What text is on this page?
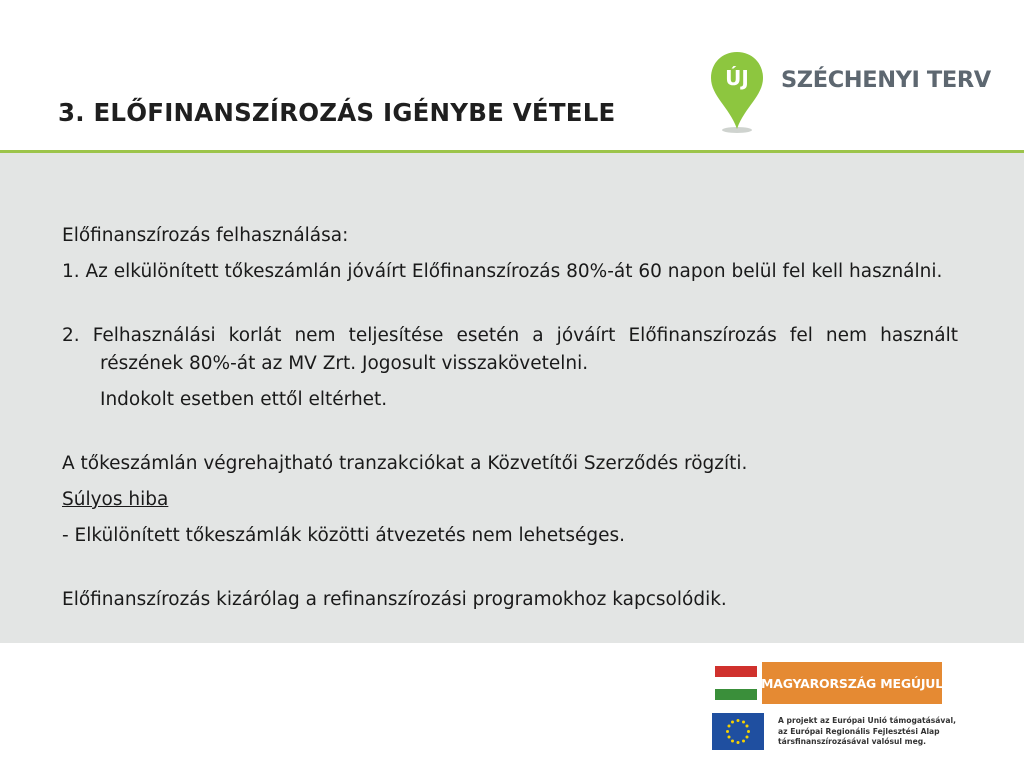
3. ELŐFINANSZÍROZÁS IGÉNYBE VÉTELE
ÚJ SZÉCHENYI TERV

Előfinanszírozás felhasználása:

1. Az elkülönített tőkeszámlán jóváírt Előfinanszírozás 80%-át 60 napon belül fel kell használni.

2. Felhasználási korlát nem teljesítése esetén a jóváírt Előfinanszírozás fel nem használt részének 80%-át az MV Zrt. Jogosult visszakövetelni.

Indokolt esetben ettől eltérhet.

A tőkeszámlán végrehajtható tranzakciókat a Közvetítői Szerződés rögzíti.

Súlyos hiba

- Elkülönített tőkeszámlák közötti átvezetés nem lehetséges.

Előfinanszírozás kizárólag a refinanszírozási programokhoz kapcsolódik.

MAGYARORSZÁG MEGÚJUL
A projekt az Európai Unió támogatásával,
az Európai Regionális Fejlesztési Alap
társfinanszírozásával valósul meg.
